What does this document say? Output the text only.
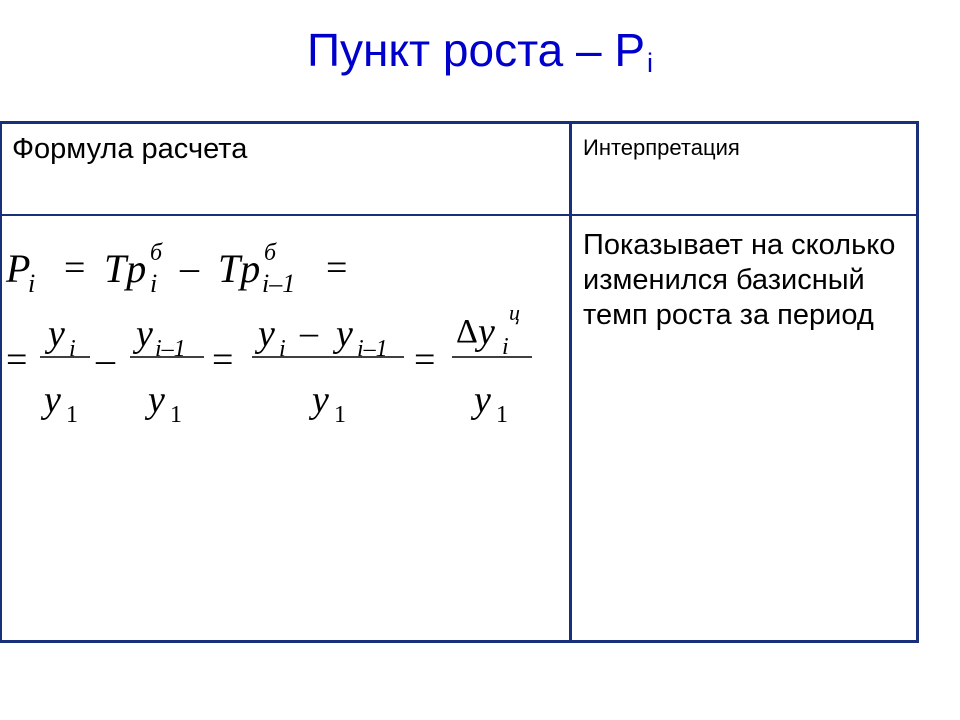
Пункт роста – $P_i$
Формула расчета	Интерпретация
Показывает на сколько изменился базисный темп роста за период
P
i = Tp б
i – Tp б
i–1 =
=
y i
y 1
–
y i–1
y 1
=
y i – y i–1
y 1
=
Δ y ц
i
y 1
